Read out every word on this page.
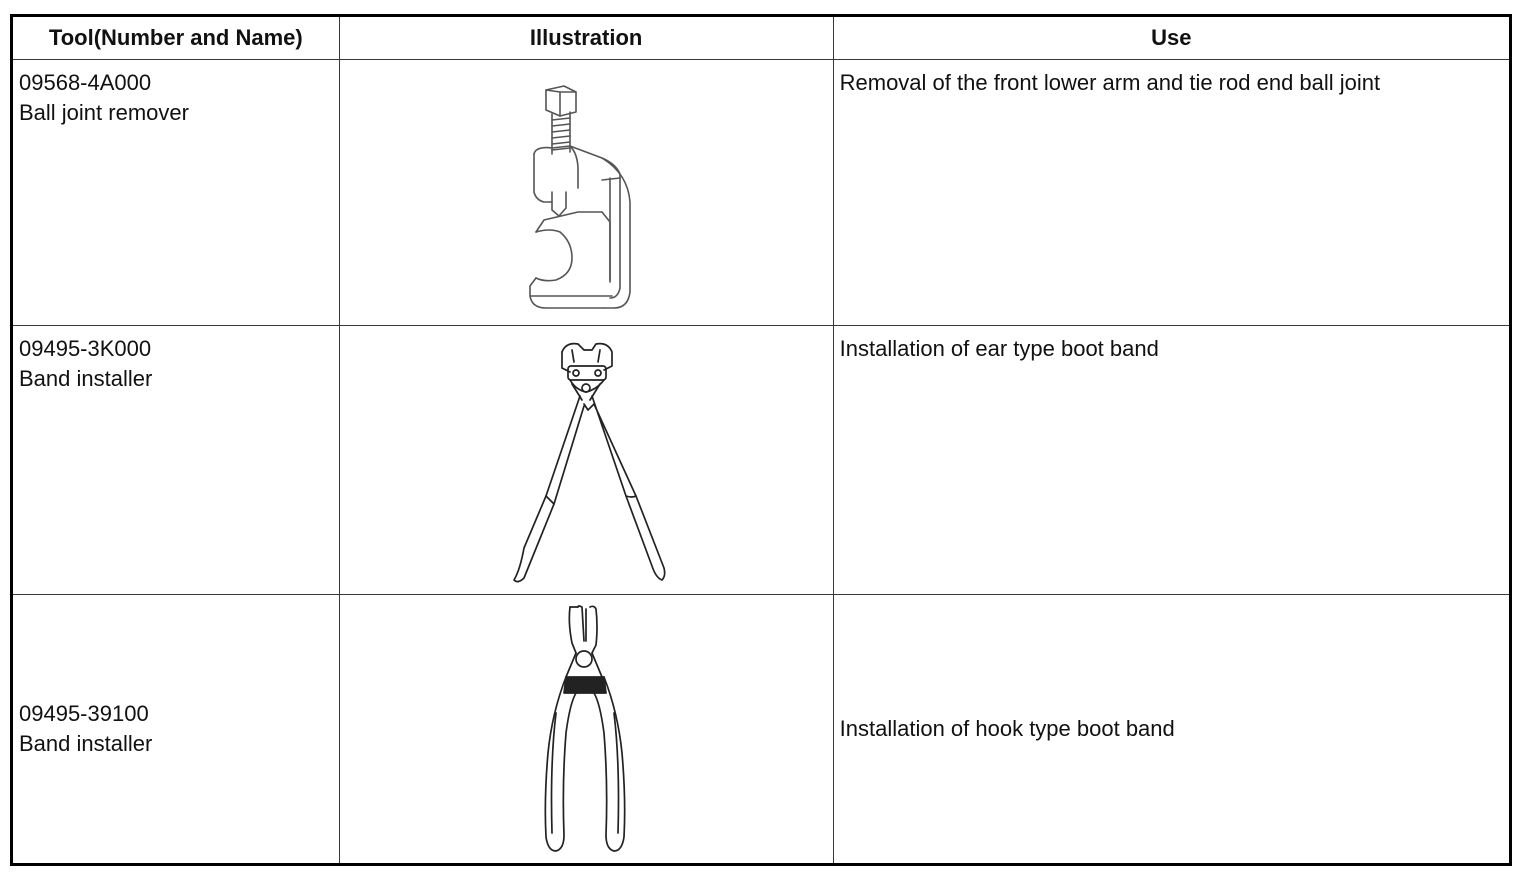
Tool(Number and Name)	Illustration	Use

09568-4A000
Ball joint remover		Removal of the front lower arm and tie rod end ball joint

09495-3K000
Band installer		Installation of ear type boot band

09495-39100
Band installer		Installation of hook type boot band
